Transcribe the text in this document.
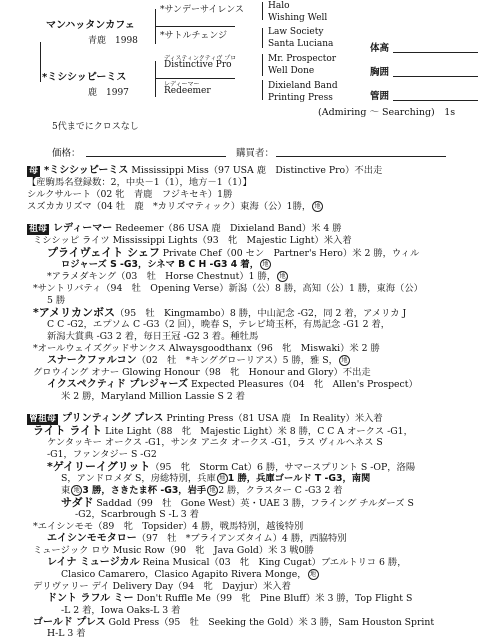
マンハッタンカフェ
青鹿　1998
*ミシシッピーミス
鹿　1997
*サンデーサイレンス
*サトルチェンジ
ディスティンクティヴ プロ
Distinctive Pro
レディーマー
Redeemer
Halo
Wishing Well
Law Society
Santa Luciana
Mr. Prospector
Well Done
Dixieland Band
Printing Press
体高
胸囲
管囲
(Admiring ～ Searching)　1s
5代までにクロスなし
価格：	購買者：
母 *ミシシッピーミス Mississippi Miss（97 USA 鹿　Distinctive Pro）不出走
【産駒馬名登録数：2，中央－1（1），地方－1（1）】
シルクサルート（02 牝　青鹿　フジキセキ）1勝
スズカカリズマ（04 牡　鹿　*カリズマティック）東海（公）1勝， 地
祖母 レディーマー Redeemer（86 USA 鹿　Dixieland Band）米 4 勝
ミシシッピ ライツ Mississippi Lights（93　牝　Majestic Light）米入着
プライヴェイト シェフ Private Chef（00 セン　Partner's Hero）米 2 勝，ウィル
ロジャーズ S -G3，シネマ B C H -G3 4 着， 地
*アラメダキング（03　牡　Horse Chestnut）1 勝， 地
*サントリバティ（94　牡　Opening Verse）新潟（公）8 勝，高知（公）1 勝，東海（公）
5 勝
*アメリカンボス（95　牡　Kingmambo）8 勝，中山記念 -G2，同 2 着，アメリカ J
C C -G2，エプソム C -G3（2 回），晩春 S，テレビ埼玉杯，有馬記念 -G1 2 着，
新潟大賞典 -G3 2 着，毎日王冠 -G2 3 着。種牡馬
*オールウェイズグッドサンクス Alwaysgoodthanx（96　牝　Miswaki）米 2 勝
スナークファルコン（02　牡　*キンググローリアス）5 勝，雅 S， 地
グロウイング オナー Glowing Honour（98　牝　Honour and Glory）不出走
イクスペクティド プレジャーズ Expected Pleasures（04　牝　Allen's Prospect）
米 2 勝，Maryland Million Lassie S 2 着
曾祖母 プリンティング プレス Printing Press（81 USA 鹿　In Reality）米入着
ライト ライト Lite Light（88　牝　Majestic Light）米 8 勝，C C A オークス -G1，
ケンタッキー オークス -G1，サンタ アニタ オークス -G1，ラス ヴィルヘネス S
-G1，ファンタジー S -G2
*ゲイリーイグリット（95　牝　Storm Cat）6 勝，サマースプリント S -OP，洛陽
S，アンドロメダ S，房総特別，兵庫 地 1 勝，兵庫ゴールド T -G3，南関
東 地 3 勝，さきたま杯 -G3，岩手 地 2 勝，クラスター C -G3 2 着
サダド Saddad（99　牡　Gone West）英・UAE 3 勝，フライング チルダーズ S
-G2，Scarbrough S -L 3 着
*エイシンモモ（89　牝　Topsider）4 勝，戦馬特別，越後特別
エイシンモモタロー（97　牡　*ブライアンズタイム）4 勝，西脇特別
ミュージック ロウ Music Row（90　牝　Java Gold）米 3 戦0勝
レイナ ミュージカル Reina Musical（03　牝　King Cugat）ブエルトリコ 6 勝，
Clasico Camarero，Clasico Agapito Rivera Monge， 地
デリヴァリー デイ Delivery Day（94　牝　Dayjur）米入着
ドント ラフル ミー Don't Ruffle Me（99　牝　Pine Bluff）米 3 勝，Top Flight S
-L 2 着，Iowa Oaks-L 3 着
ゴールド プレス Gold Press（95　牡　Seeking the Gold）米 3 勝，Sam Houston Sprint
H-L 3 着
